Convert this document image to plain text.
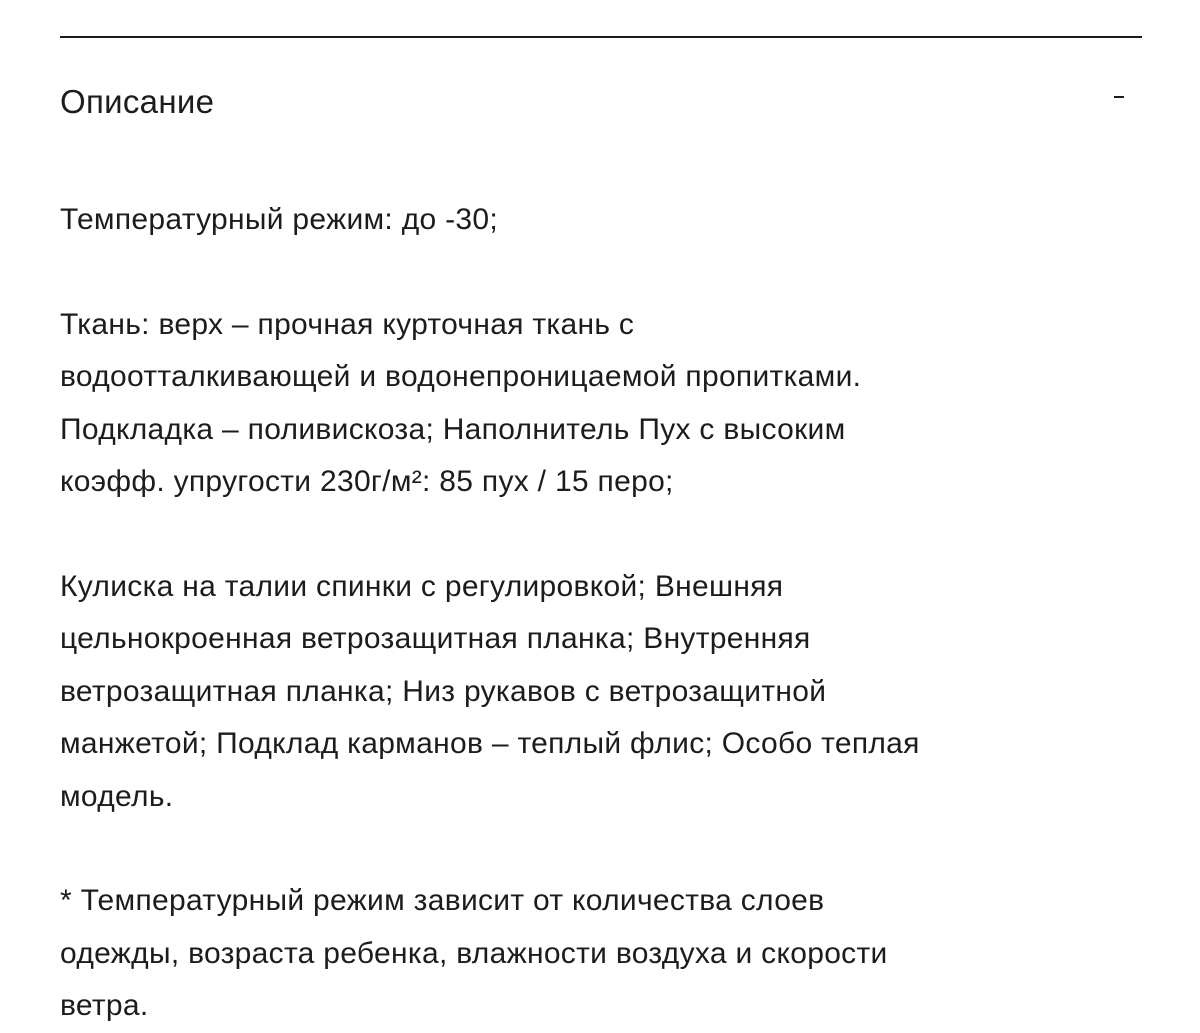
Описание

Температурный режим: до -30;

Ткань: верх – прочная курточная ткань с
водоотталкивающей и водонепроницаемой пропитками.
Подкладка – поливискоза; Наполнитель Пух с высоким
коэфф. упругости 230г/м²: 85 пух / 15 перо;

Кулиска на талии спинки с регулировкой; Внешняя
цельнокроенная ветрозащитная планка; Внутренняя
ветрозащитная планка; Низ рукавов с ветрозащитной
манжетой; Подклад карманов – теплый флис; Особо теплая
модель.

* Температурный режим зависит от количества слоев
одежды, возраста ребенка, влажности воздуха и скорости
ветра.
